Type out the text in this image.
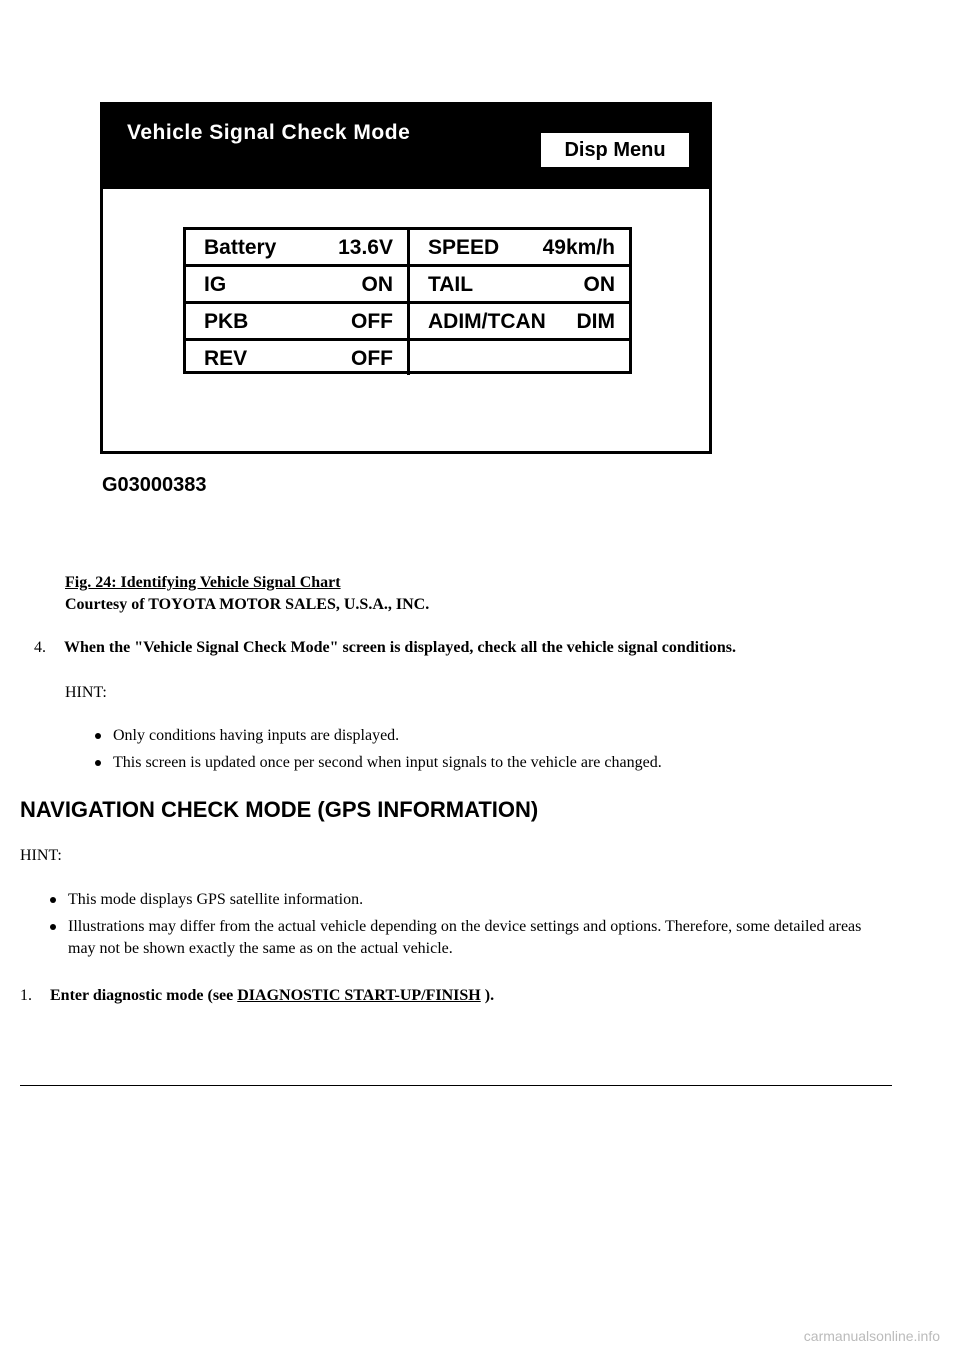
Vehicle Signal Check Mode
Disp Menu
Battery	13.6V SPEED 49km/h
IG	ON TAIL	ON
PKB	OFF ADIM/TCAN DIM
REV	OFF
G03000383
Fig. 24: Identifying Vehicle Signal Chart
Courtesy of TOYOTA MOTOR SALES, U.S.A., INC.
4. When the "Vehicle Signal Check Mode" screen is displayed, check all the vehicle signal conditions.
HINT:
Only conditions having inputs are displayed.
This screen is updated once per second when input signals to the vehicle are changed.
NAVIGATION CHECK MODE (GPS INFORMATION)
HINT:
This mode displays GPS satellite information.
Illustrations may differ from the actual vehicle depending on the device settings and options. Therefore, some detailed areas may not be shown exactly the same as on the actual vehicle.
1. Enter diagnostic mode (see DIAGNOSTIC START-UP/FINISH ).
carmanualsonline.info
